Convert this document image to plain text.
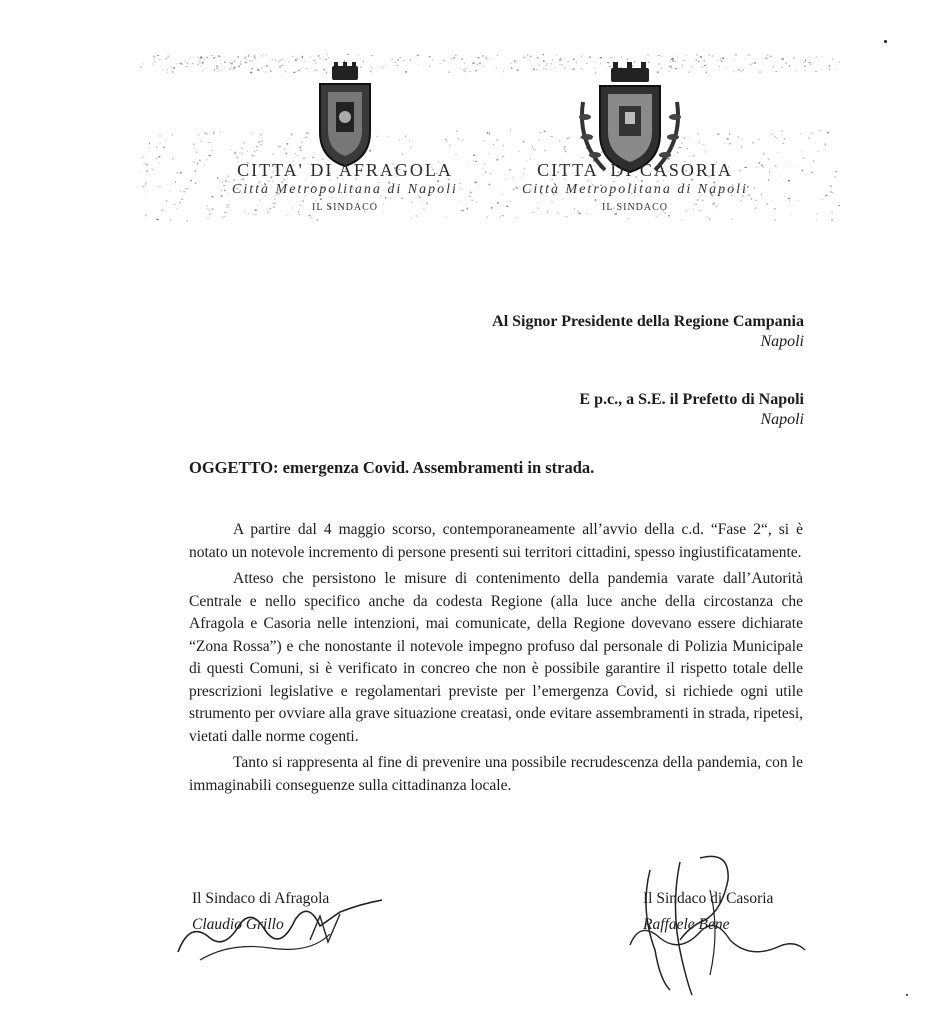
CITTA' DI AFRAGOLA
Città Metropolitana di Napoli
IL SINDACO
CITTA' DI CASORIA
Città Metropolitana di Napoli
IL SINDACO
Al Signor Presidente della Regione Campania
Napoli
E p.c., a S.E. il Prefetto di Napoli
Napoli
OGGETTO: emergenza Covid. Assembramenti in strada.

A partire dal 4 maggio scorso, contemporaneamente all’avvio della c.d. “Fase 2“, si è notato un notevole incremento di persone presenti sui territori cittadini, spesso ingiustificatamente.

Atteso che persistono le misure di contenimento della pandemia varate dall’Autorità Centrale e nello specifico anche da codesta Regione (alla luce anche della circostanza che Afragola e Casoria nelle intenzioni, mai comunicate, della Regione dovevano essere dichiarate “Zona Rossa”) e che nonostante il notevole impegno profuso dal personale di Polizia Municipale di questi Comuni, si è verificato in concreo che non è possibile garantire il rispetto totale delle prescrizioni legislative e regolamentari previste per l’emergenza Covid, si richiede ogni utile strumento per ovviare alla grave situazione creatasi, onde evitare assembramenti in strada, ripetesi, vietati dalle norme cogenti.

Tanto si rappresenta al fine di prevenire una possibile recrudescenza della pandemia, con le immaginabili conseguenze sulla cittadinanza locale.

Il Sindaco di Afragola
Claudio Grillo
Il Sindaco di Casoria
Raffaele Bene
